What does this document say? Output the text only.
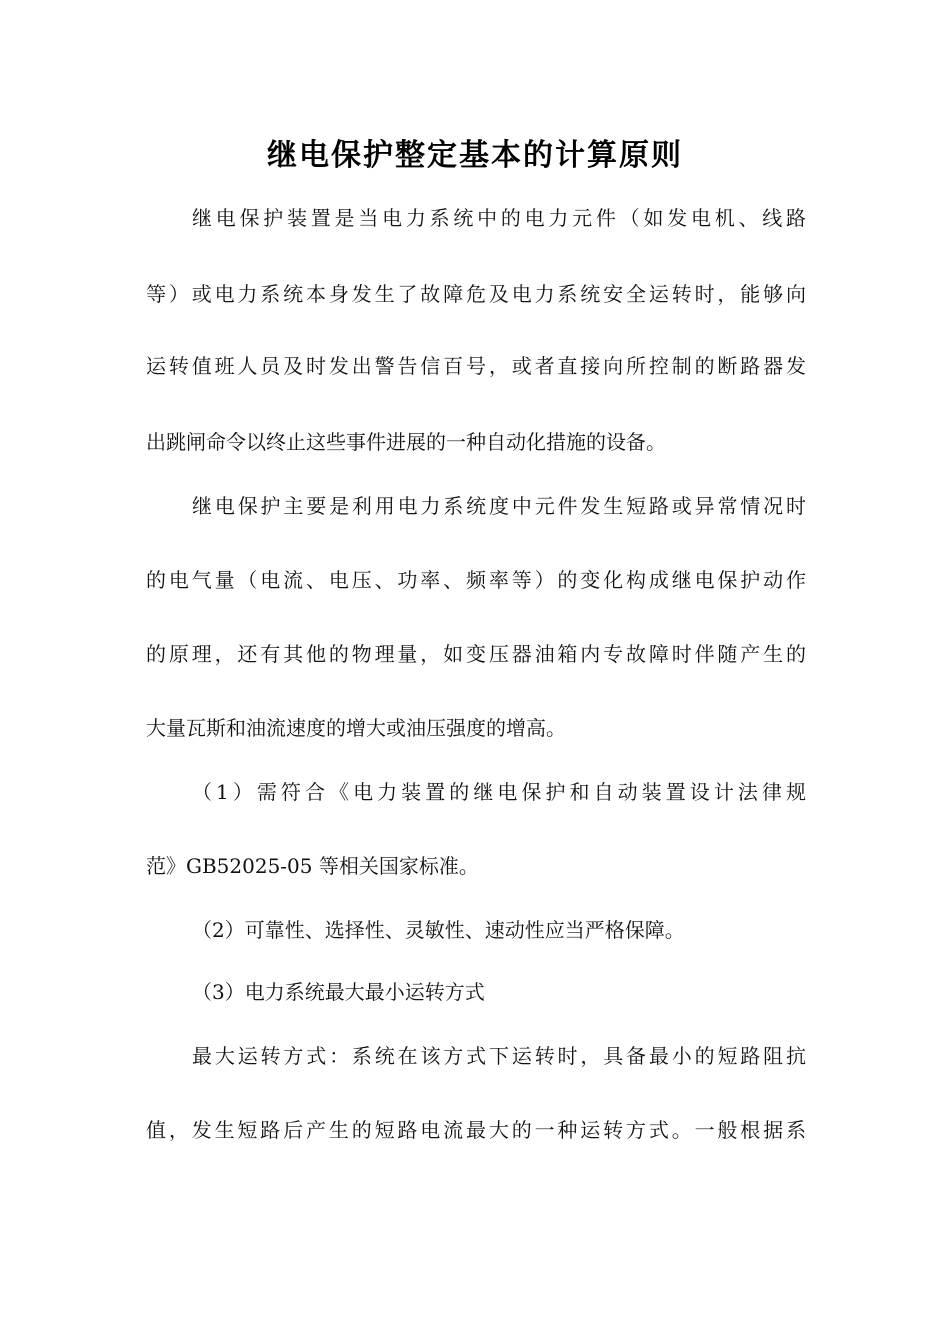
继电保护整定基本的计算原则
继电保护装置是当电力系统中的电力元件（如发电机、线路
等）或电力系统本身发生了故障危及电力系统安全运转时，能够向
运转值班人员及时发出警告信百号，或者直接向所控制的断路器发
出跳闸命令以终止这些事件进展的一种自动化措施的设备。
继电保护主要是利用电力系统度中元件发生短路或异常情况时
的电气量（电流、电压、功率、频率等）的变化构成继电保护动作
的原理，还有其他的物理量，如变压器油箱内专故障时伴随产生的
大量瓦斯和油流速度的增大或油压强度的增高。
（1）需符合《电力装置的继电保护和自动装置设计法律规
范》GB52025-05 等相关国家标准。
（2）可靠性、选择性、灵敏性、速动性应当严格保障。
（3）电力系统最大最小运转方式
最大运转方式：系统在该方式下运转时，具备最小的短路阻抗
值，发生短路后产生的短路电流最大的一种运转方式。一般根据系
